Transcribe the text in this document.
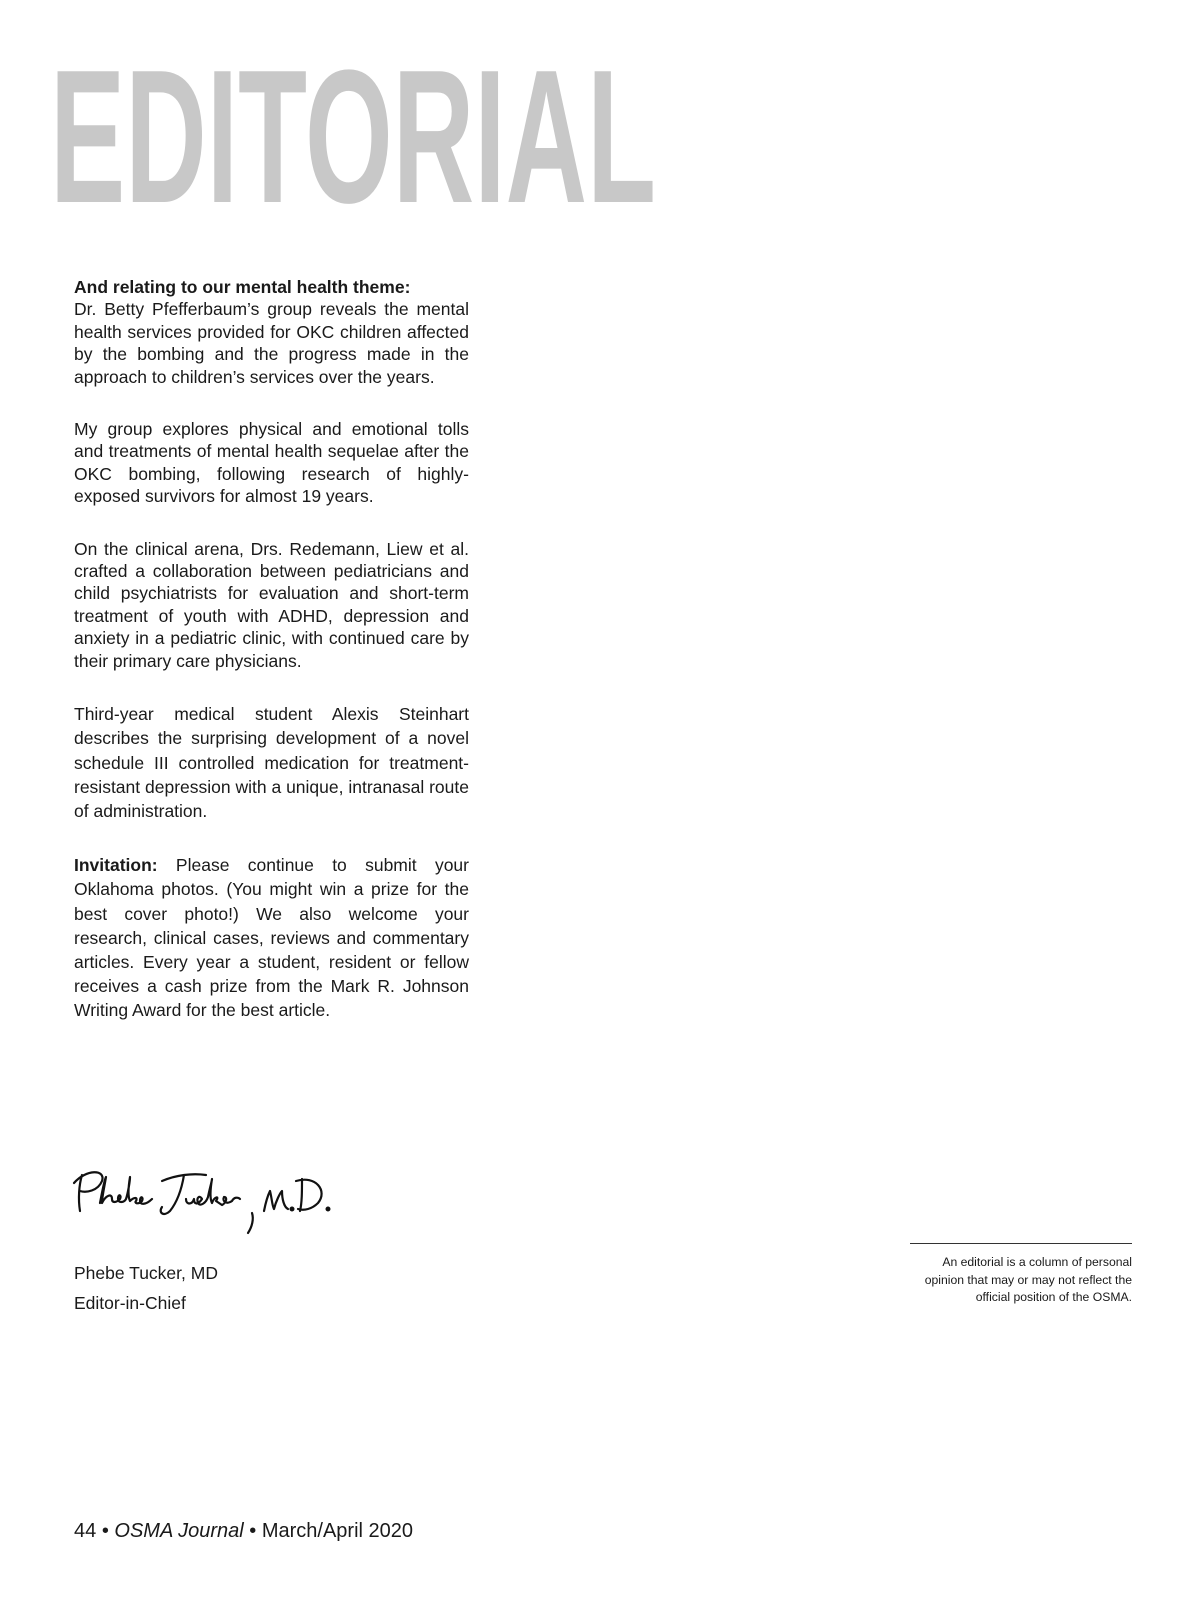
EDITORIAL

And relating to our mental health theme:

Dr. Betty Pfefferbaum’s group reveals the mental health services provided for OKC children affected by the bombing and the progress made in the approach to children’s services over the years.

My group explores physical and emotional tolls and treatments of mental health sequelae after the OKC bombing, following research of highly-exposed survivors for almost 19 years.

On the clinical arena, Drs. Redemann, Liew et al. crafted a collaboration between pediatricians and child psychiatrists for evaluation and short-term treatment of youth with ADHD, depression and anxiety in a pediatric clinic, with continued care by their primary care physicians.

Third-year medical student Alexis Steinhart describes the surprising development of a novel schedule III controlled medication for treatment-resistant depression with a unique, intranasal route of administration.

Invitation: Please continue to submit your Oklahoma photos. (You might win a prize for the best cover photo!) We also welcome your research, clinical cases, reviews and commentary articles. Every year a student, resident or fellow receives a cash prize from the Mark R. Johnson Writing Award for the best article.

Phebe Tucker, MD
Editor-in-Chief
An editorial is a column of personal opinion that may or may not reflect the official position of the OSMA.
44 • OSMA Journal • March/April 2020
